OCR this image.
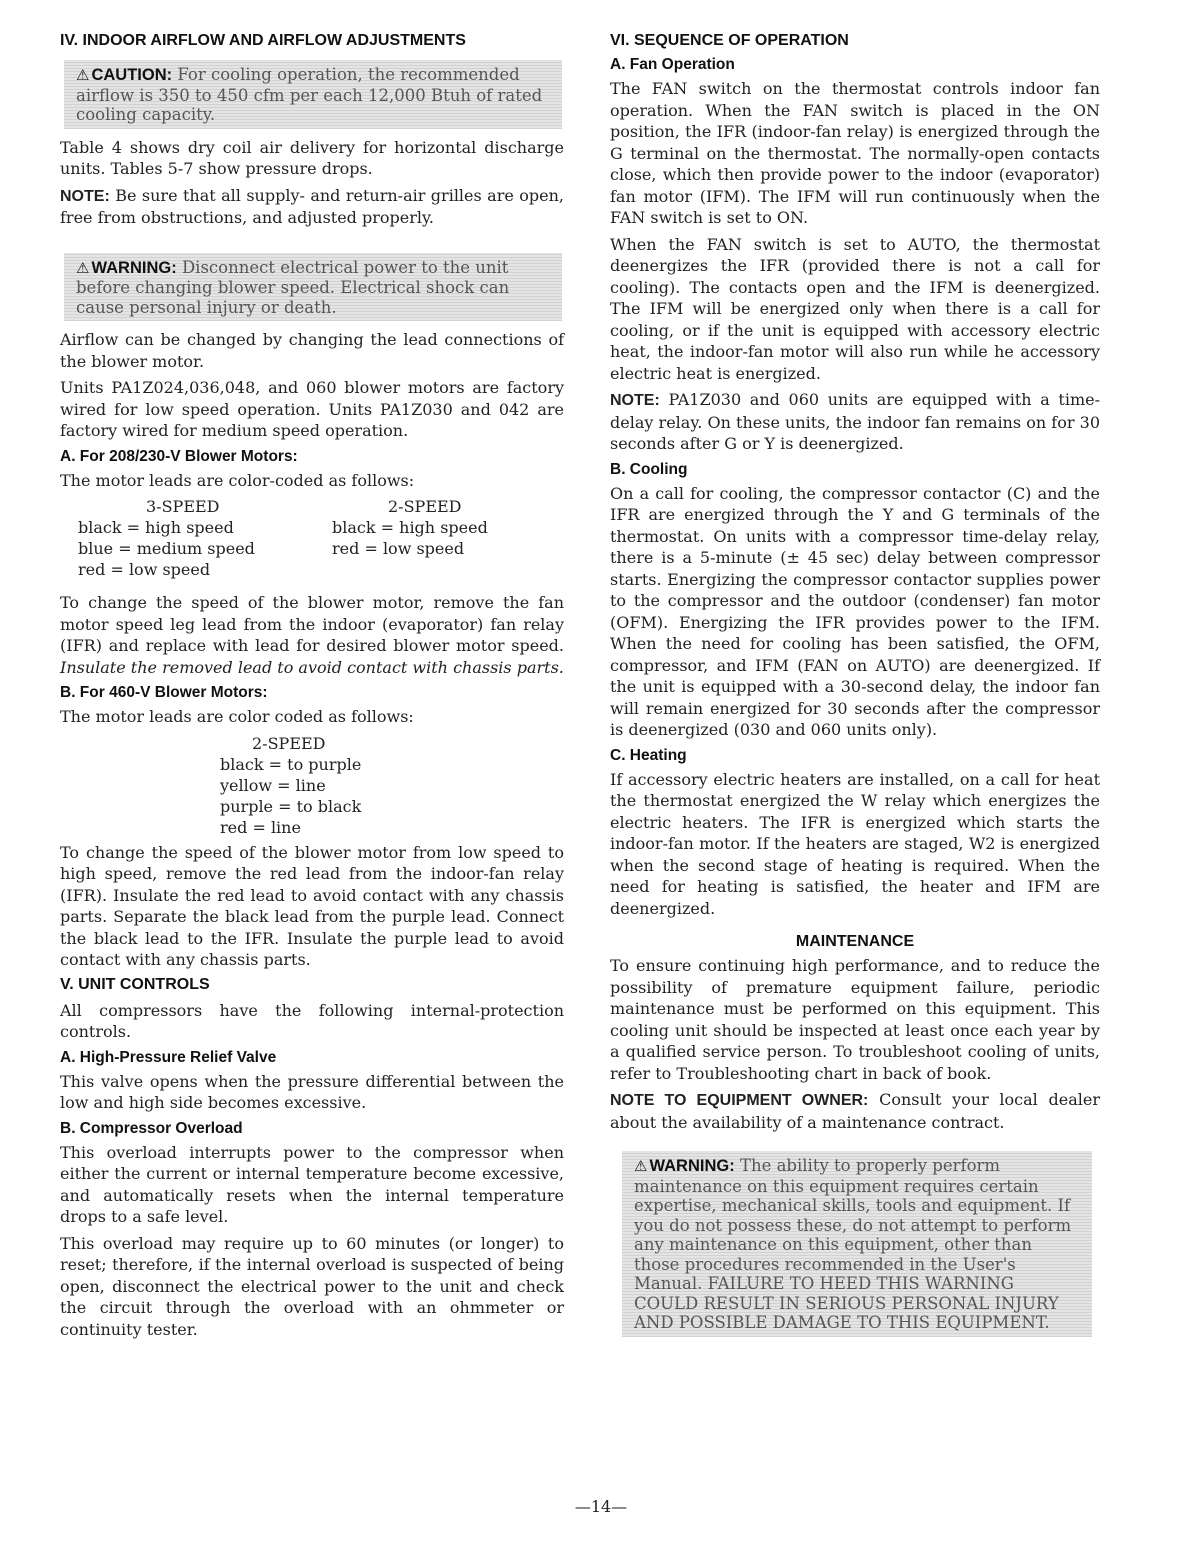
IV. INDOOR AIRFLOW AND AIRFLOW ADJUSTMENTS
⚠ CAUTION: For cooling operation, the recommended airflow is 350 to 450 cfm per each 12,000 Btuh of rated cooling capacity.

Table 4 shows dry coil air delivery for horizontal discharge units. Tables 5-7 show pressure drops.

NOTE: Be sure that all supply- and return-air grilles are open, free from obstructions, and adjusted properly.

⚠ WARNING: Disconnect electrical power to the unit before changing blower speed. Electrical shock can cause personal injury or death.

Airflow can be changed by changing the lead connections of the blower motor.

Units PA1Z024,036,048, and 060 blower motors are factory wired for low speed operation. Units PA1Z030 and 042 are factory wired for medium speed operation.

A. For 208/230-V Blower Motors:

The motor leads are color-coded as follows:

3-SPEED
black = high speed
blue = medium speed
red = low speed
2-SPEED
black = high speed
red = low speed

To change the speed of the blower motor, remove the fan motor speed leg lead from the indoor (evaporator) fan relay (IFR) and replace with lead for desired blower motor speed. Insulate the removed lead to avoid contact with chassis parts.

B. For 460-V Blower Motors:

The motor leads are color coded as follows:

2-SPEED
black = to purple
yellow = line
purple = to black
red = line

To change the speed of the blower motor from low speed to high speed, remove the red lead from the indoor-fan relay (IFR). Insulate the red lead to avoid contact with any chassis parts. Separate the black lead from the purple lead. Connect the black lead to the IFR. Insulate the purple lead to avoid contact with any chassis parts.

V. UNIT CONTROLS

All compressors have the following internal-protection controls.

A. High-Pressure Relief Valve

This valve opens when the pressure differential between the low and high side becomes excessive.

B. Compressor Overload

This overload interrupts power to the compressor when either the current or internal temperature become excessive, and automatically resets when the internal temperature drops to a safe level.

This overload may require up to 60 minutes (or longer) to reset; therefore, if the internal overload is suspected of being open, disconnect the electrical power to the unit and check the circuit through the overload with an ohmmeter or continuity tester.

VI. SEQUENCE OF OPERATION
A. Fan Operation

The FAN switch on the thermostat controls indoor fan operation. When the FAN switch is placed in the ON position, the IFR (indoor-fan relay) is energized through the G terminal on the thermostat. The normally-open contacts close, which then provide power to the indoor (evaporator) fan motor (IFM). The IFM will run continuously when the FAN switch is set to ON.

When the FAN switch is set to AUTO, the thermostat deenergizes the IFR (provided there is not a call for cooling). The contacts open and the IFM is deenergized. The IFM will be energized only when there is a call for cooling, or if the unit is equipped with accessory electric heat, the indoor-fan motor will also run while he accessory electric heat is energized.

NOTE: PA1Z030 and 060 units are equipped with a time-delay relay. On these units, the indoor fan remains on for 30 seconds after G or Y is deenergized.

B. Cooling

On a call for cooling, the compressor contactor (C) and the IFR are energized through the Y and G terminals of the thermostat. On units with a compressor time-delay relay, there is a 5-minute (± 45 sec) delay between compressor starts. Energizing the compressor contactor supplies power to the compressor and the outdoor (condenser) fan motor (OFM). Energizing the IFR provides power to the IFM. When the need for cooling has been satisfied, the OFM, compressor, and IFM (FAN on AUTO) are deenergized. If the unit is equipped with a 30-second delay, the indoor fan will remain energized for 30 seconds after the compressor is deenergized (030 and 060 units only).

C. Heating

If accessory electric heaters are installed, on a call for heat the thermostat energized the W relay which energizes the electric heaters. The IFR is energized which starts the indoor-fan motor. If the heaters are staged, W2 is energized when the second stage of heating is required. When the need for heating is satisfied, the heater and IFM are deenergized.

MAINTENANCE

To ensure continuing high performance, and to reduce the possibility of premature equipment failure, periodic maintenance must be performed on this equipment. This cooling unit should be inspected at least once each year by a qualified service person. To troubleshoot cooling of units, refer to Troubleshooting chart in back of book.

NOTE TO EQUIPMENT OWNER: Consult your local dealer about the availability of a maintenance contract.

⚠ WARNING: The ability to properly perform maintenance on this equipment requires certain expertise, mechanical skills, tools and equipment. If you do not possess these, do not attempt to perform any maintenance on this equipment, other than those procedures recommended in the User's Manual. FAILURE TO HEED THIS WARNING COULD RESULT IN SERIOUS PERSONAL INJURY AND POSSIBLE DAMAGE TO THIS EQUIPMENT.
—14—
